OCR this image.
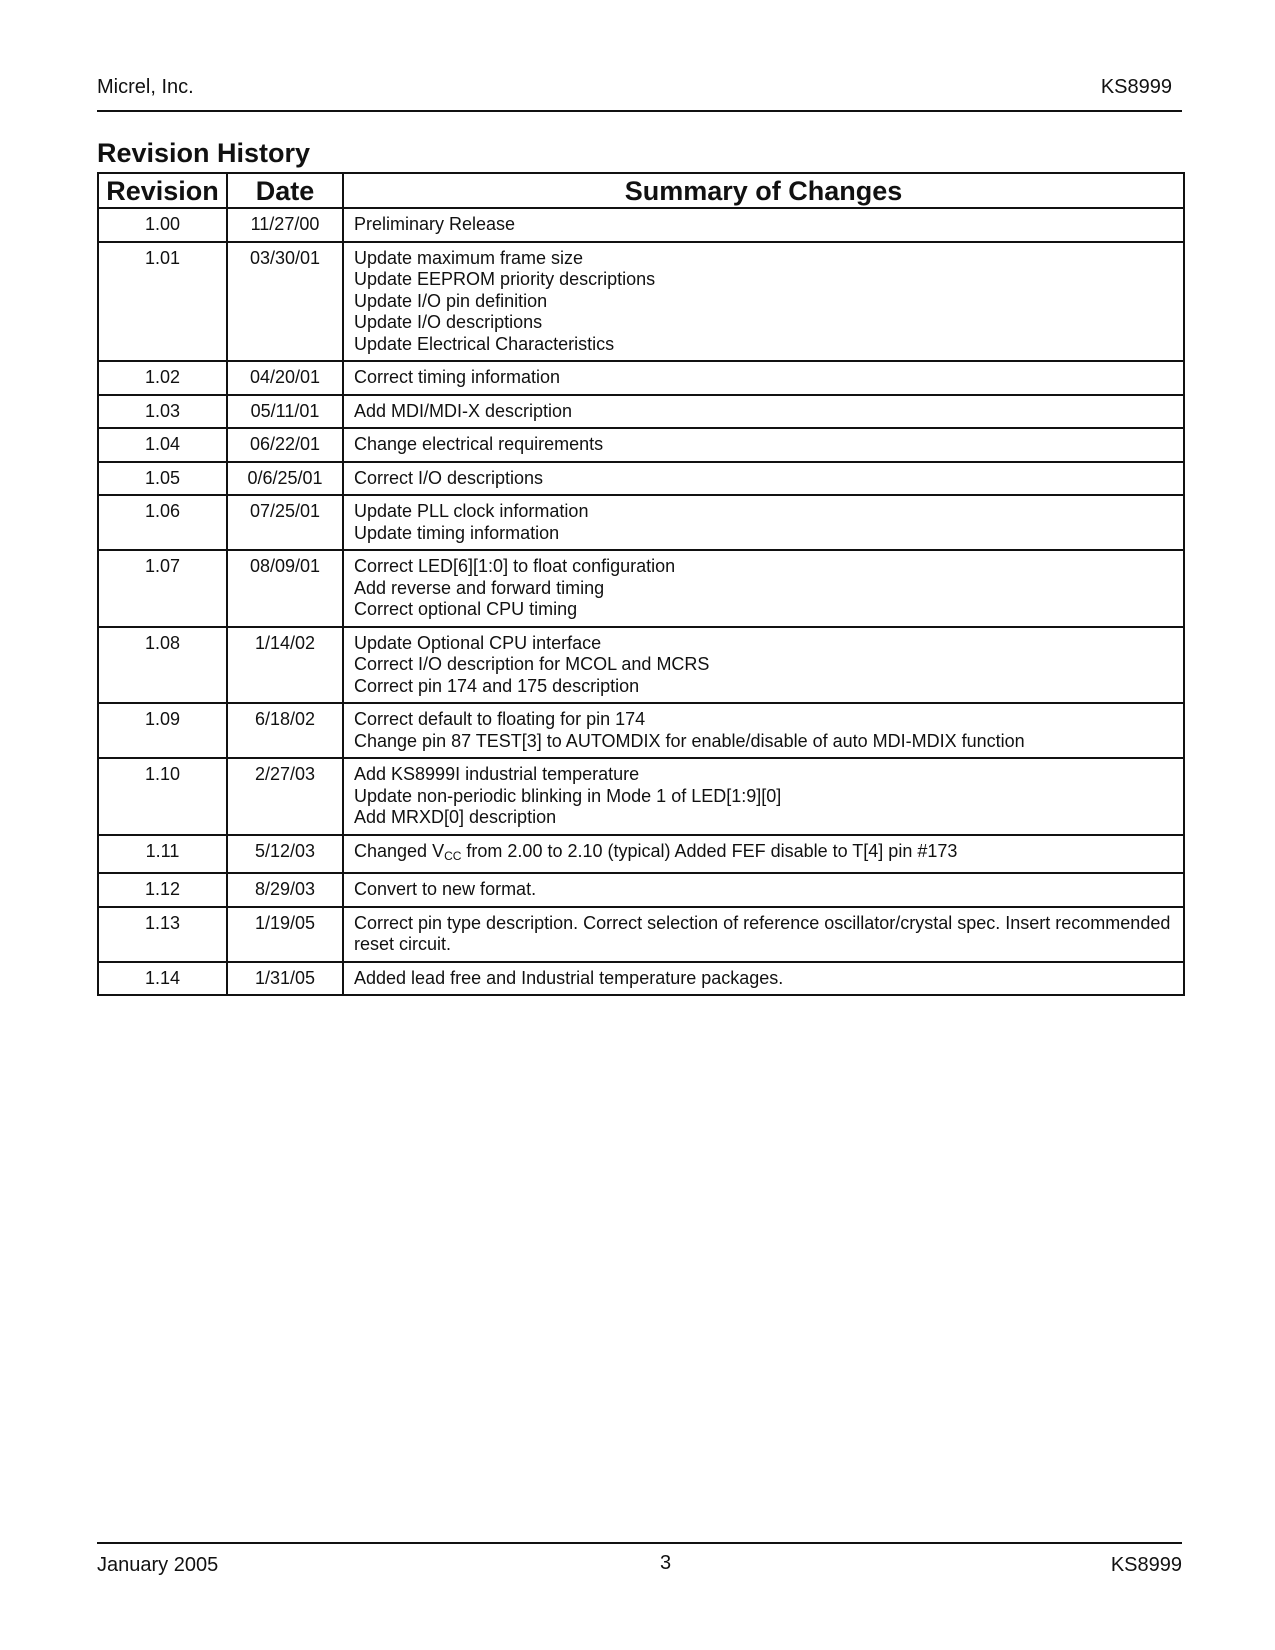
Micrel, Inc.	KS8999
Revision History
Revision	Date	Summary of Changes
1.00	11/27/00	Preliminary Release

1.01	03/30/01	Update maximum frame size
Update EEPROM priority descriptions
Update I/O pin definition
Update I/O descriptions
Update Electrical Characteristics

1.02	04/20/01	Correct timing information

1.03	05/11/01	Add MDI/MDI-X description

1.04	06/22/01	Change electrical requirements

1.05	0/6/25/01	Correct I/O descriptions

1.06	07/25/01	Update PLL clock information
Update timing information

1.07	08/09/01	Correct LED[6][1:0] to float configuration
Add reverse and forward timing
Correct optional CPU timing

1.08	1/14/02	Update Optional CPU interface
Correct I/O description for MCOL and MCRS
Correct pin 174 and 175 description

1.09	6/18/02	Correct default to floating for pin 174
Change pin 87 TEST[3] to AUTOMDIX for enable/disable of auto MDI-MDIX function

1.10	2/27/03	Add KS8999I industrial temperature
Update non-periodic blinking in Mode 1 of LED[1:9][0]
Add MRXD[0] description

1.11	5/12/03	Changed $V_{CC}$ from 2.00 to 2.10 (typical) Added FEF disable to T[4] pin #173

1.12	8/29/03	Convert to new format.

1.13	1/19/05	Correct pin type description. Correct selection of reference oscillator/crystal spec. Insert recommended reset circuit.

1.14	1/31/05	Added lead free and Industrial temperature packages.
January 2005	3	KS8999
